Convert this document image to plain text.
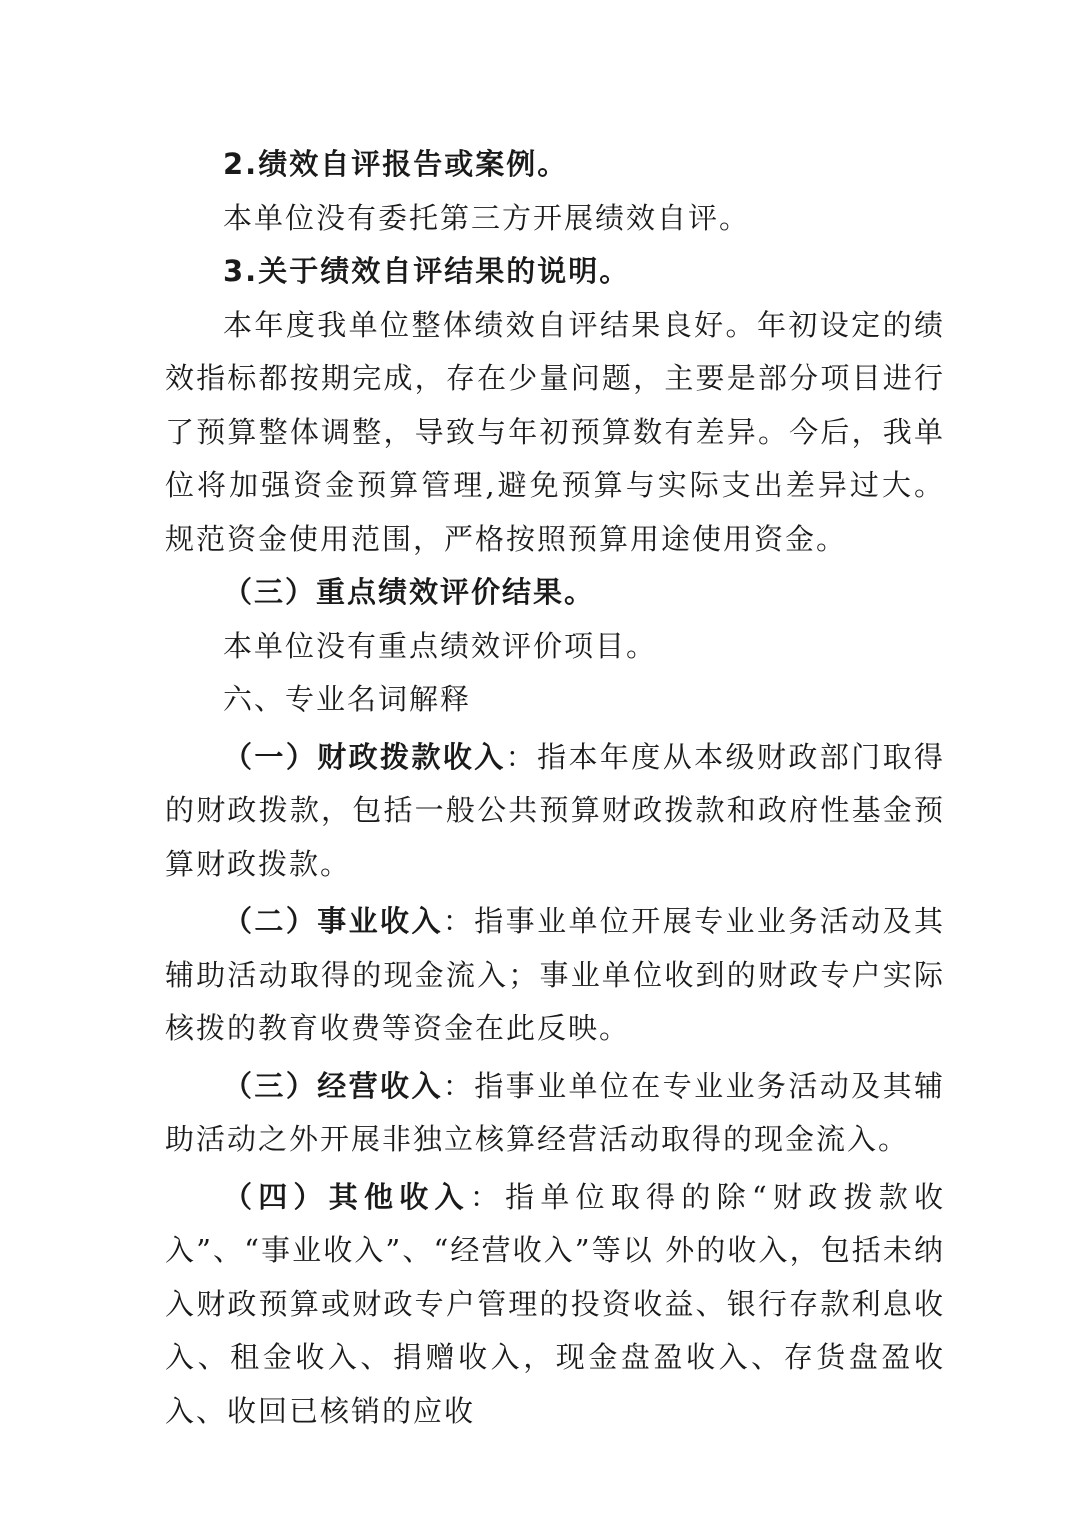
2.绩效自评报告或案例。

本单位没有委托第三方开展绩效自评。

3.关于绩效自评结果的说明。

本年度我单位整体绩效自评结果良好。年初设定的绩效指标都按期完成，存在少量问题，主要是部分项目进行了预算整体调整，导致与年初预算数有差异。今后，我单位将加强资金预算管理,避免预算与实际支出差异过大。规范资金使用范围，严格按照预算用途使用资金。

（三）重点绩效评价结果。

本单位没有重点绩效评价项目。

六、专业名词解释

（一）财政拨款收入：指本年度从本级财政部门取得的财政拨款，包括一般公共预算财政拨款和政府性基金预算财政拨款。

（二）事业收入：指事业单位开展专业业务活动及其辅助活动取得的现金流入；事业单位收到的财政专户实际核拨的教育收费等资金在此反映。

（三）经营收入：指事业单位在专业业务活动及其辅助活动之外开展非独立核算经营活动取得的现金流入。

（四）其他收入：指单位取得的除“财政拨款收入”、“事业收入”、“经营收入”等以 外的收入，包括未纳入财政预算或财政专户管理的投资收益、银行存款利息收入、租金收入、捐赠收入，现金盘盈收入、存货盘盈收入、收回已核销的应收
